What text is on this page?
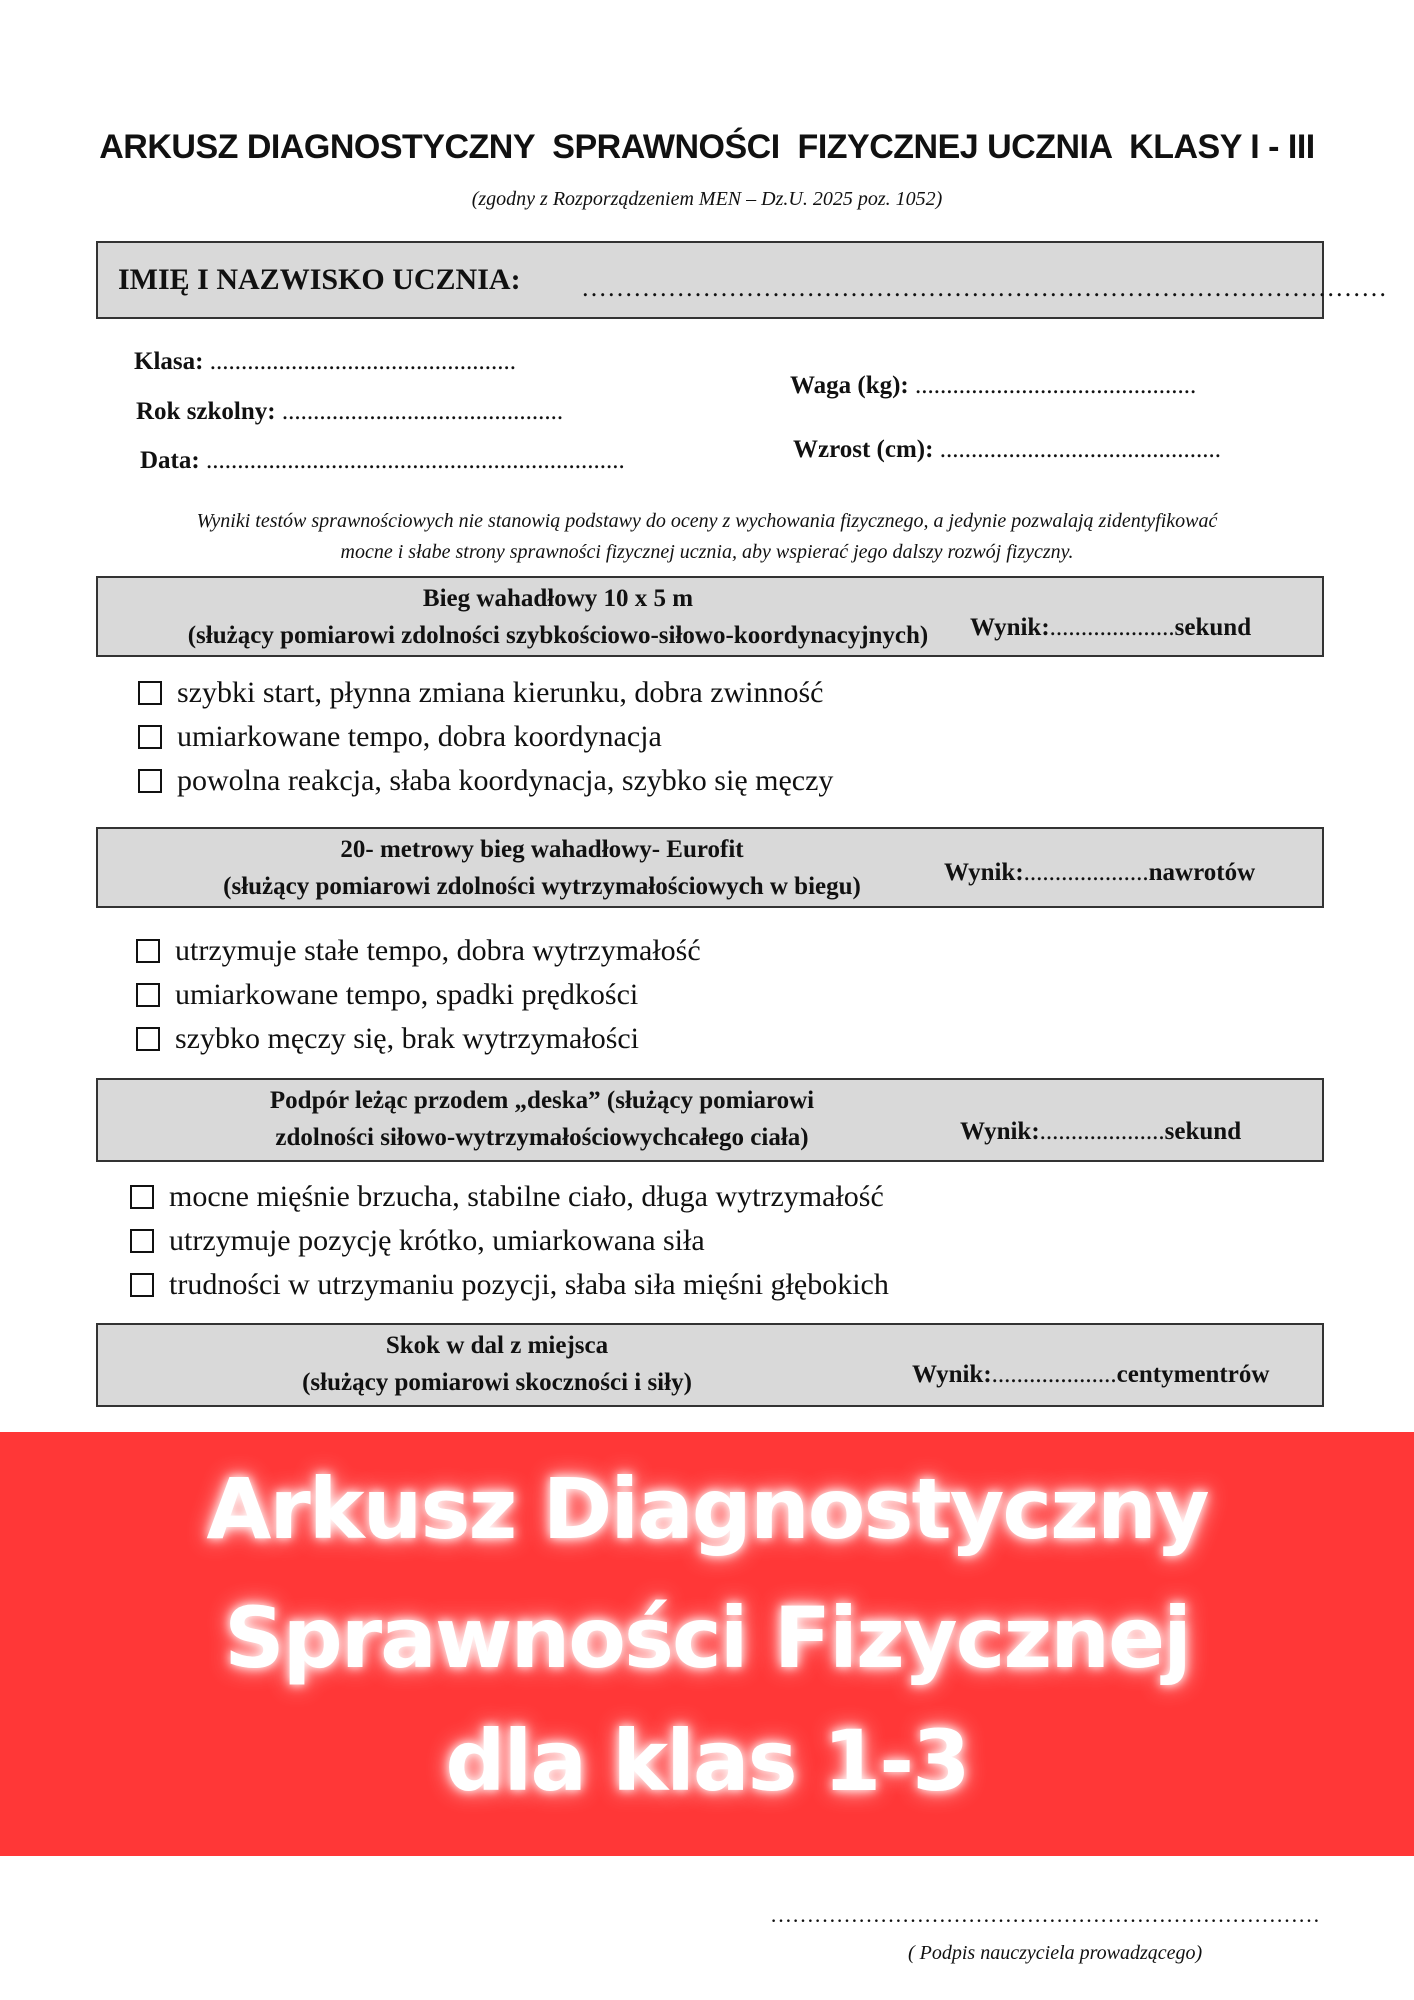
ARKUSZ DIAGNOSTYCZNY  SPRAWNOŚCI  FIZYCZNEJ UCZNIA  KLASY I - III
(zgodny z Rozporządzeniem MEN – Dz.U. 2025 poz. 1052)
IMIĘ I NAZWISKO UCZNIA: …………………………………………………………………………………
Klasa: .................................................
Rok szkolny: .............................................
Data: ...................................................................
Waga (kg): .............................................
Wzrost (cm): .............................................
Wyniki testów sprawnościowych nie stanowią podstawy do oceny z wychowania fizycznego, a jedynie pozwalają zidentyfikować
mocne i słabe strony sprawności fizycznej ucznia, aby wspierać jego dalszy rozwój fizyczny.
Bieg wahadłowy 10 x 5 m
(służący pomiarowi zdolności szybkościowo-siłowo-koordynacyjnych)	Wynik:....................sekund
szybki start, płynna zmiana kierunku, dobra zwinność
umiarkowane tempo, dobra koordynacja
powolna reakcja, słaba koordynacja, szybko się męczy
20- metrowy bieg wahadłowy- Eurofit
(służący pomiarowi zdolności wytrzymałościowych w biegu)
Wynik:....................nawrotów
utrzymuje stałe tempo, dobra wytrzymałość
umiarkowane tempo, spadki prędkości
szybko męczy się, brak wytrzymałości
Podpór leżąc przodem „deska” (służący pomiarowi
zdolności siłowo-wytrzymałościowychcałego ciała)	Wynik:....................sekund
mocne mięśnie brzucha, stabilne ciało, długa wytrzymałość
utrzymuje pozycję krótko, umiarkowana siła
trudności w utrzymaniu pozycji, słaba siła mięśni głębokich
Skok w dal z miejsca
(służący pomiarowi skoczności i siły)	Wynik:....................centymentrów
Arkusz Diagnostyczny
Sprawności Fizycznej
dla klas 1-3
…………………………………………………………………
( Podpis nauczyciela prowadzącego)
